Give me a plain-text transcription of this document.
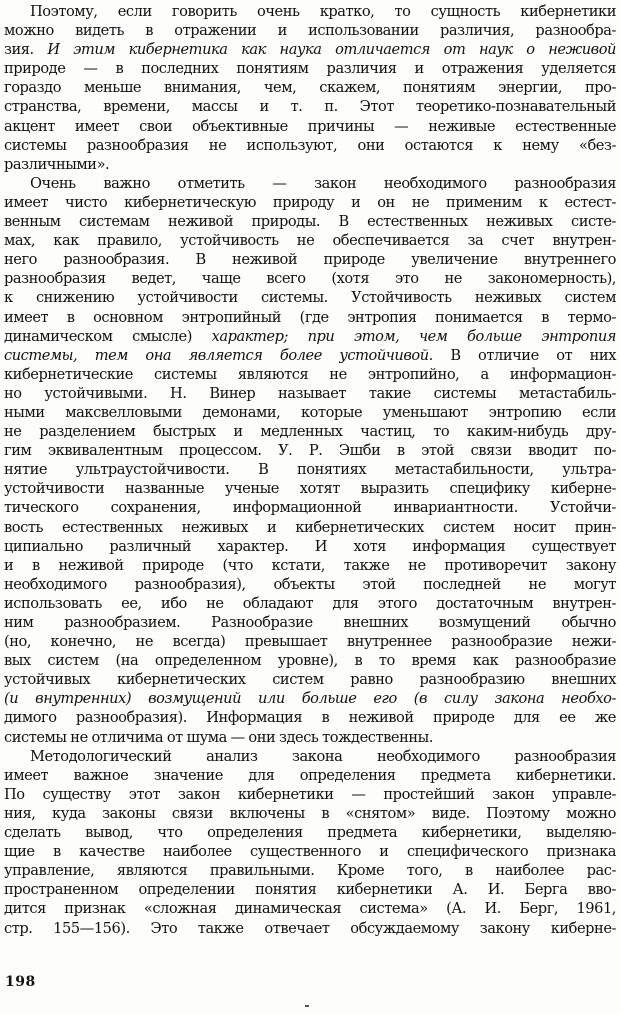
Поэтому, если говорить очень кратко, то сущность кибернетики
можно видеть в отражении и использовании различия, разнообра-
зия. И этим кибернетика как наука отличается от наук о неживой
природе — в последних понятиям различия и отражения уделяется
гораздо меньше внимания, чем, скажем, понятиям энергии, про-
странства, времени, массы и т. п. Этот теоретико-познавательный
акцент имеет свои объективные причины — неживые естественные
системы разнообразия не используют, они остаются к нему «без-
различными».
Очень важно отметить — закон необходимого разнообразия
имеет чисто кибернетическую природу и он не применим к естест-
венным системам неживой природы. В естественных неживых систе-
мах, как правило, устойчивость не обеспечивается за счет внутрен-
него разнообразия. В неживой природе увеличение внутреннего
разнообразия ведет, чаще всего (хотя это не закономерность),
к снижению устойчивости системы. Устойчивость неживых систем
имеет в основном энтропийный (где энтропия понимается в термо-
динамическом смысле) характер; при этом, чем больше энтропия
системы, тем она является более устойчивой. В отличие от них
кибернетические системы являются не энтропийно, а информацион-
но устойчивыми. Н. Винер называет такие системы метастабиль-
ными максвелловыми демонами, которые уменьшают энтропию если
не разделением быстрых и медленных частиц, то каким-нибудь дру-
гим эквивалентным процессом. У. Р. Эшби в этой связи вводит по-
нятие ультраустойчивости. В понятиях метастабильности, ультра-
устойчивости названные ученые хотят выразить специфику киберне-
тического сохранения, информационной инвариантности. Устойчи-
вость естественных неживых и кибернетических систем носит прин-
ципиально различный характер. И хотя информация существует
и в неживой природе (что кстати, также не противоречит закону
необходимого разнообразия), объекты этой последней не могут
использовать ее, ибо не обладают для этого достаточным внутрен-
ним разнообразием. Разнообразие внешних возмущений обычно
(но, конечно, не всегда) превышает внутреннее разнообразие нежи-
вых систем (на определенном уровне), в то время как разнообразие
устойчивых кибернетических систем равно разнообразию внешних
(и внутренних) возмущений или больше его (в силу закона необхо-
димого разнообразия). Информация в неживой природе для ее же
системы не отличима от шума — они здесь тождественны.
Методологический анализ закона необходимого разнообразия
имеет важное значение для определения предмета кибернетики.
По существу этот закон кибернетики — простейший закон управле-
ния, куда законы связи включены в «снятом» виде. Поэтому можно
сделать вывод, что определения предмета кибернетики, выделяю-
щие в качестве наиболее существенного и специфического признака
управление, являются правильными. Кроме того, в наиболее рас-
пространенном определении понятия кибернетики А. И. Берга вво-
дится признак «сложная динамическая система» (А. И. Берг, 1961,
стр. 155—156). Это также отвечает обсуждаемому закону киберне-
198
